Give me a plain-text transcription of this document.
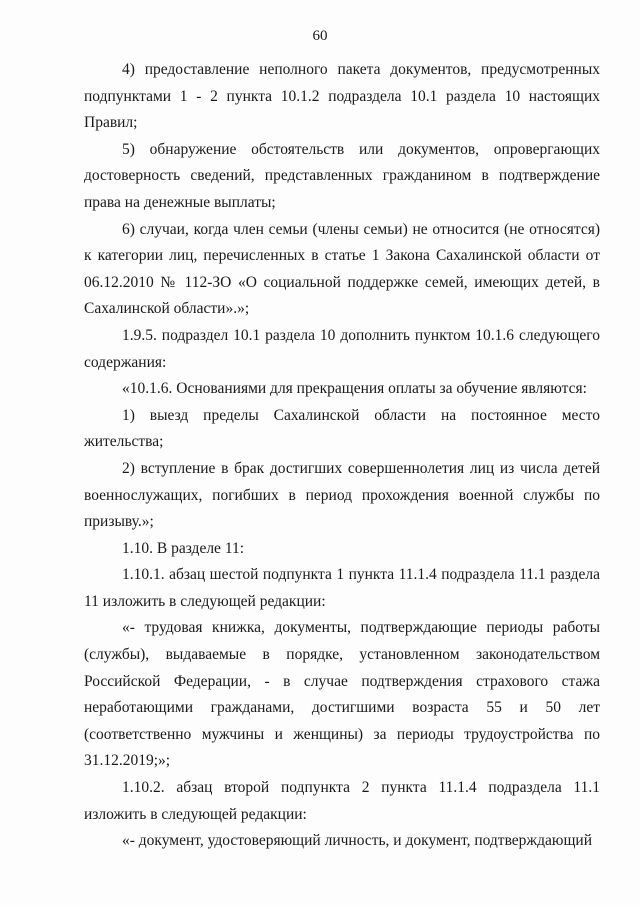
60

4) предоставление неполного пакета документов, предусмотренных подпунктами 1 - 2 пункта 10.1.2 подраздела 10.1 раздела 10 настоящих Правил;

5) обнаружение обстоятельств или документов, опровергающих достоверность сведений, представленных гражданином в подтверждение права на денежные выплаты;

6) случаи, когда член семьи (члены семьи) не относится (не относятся) к категории лиц, перечисленных в статье 1 Закона Сахалинской области от 06.12.2010 № 112-ЗО «О социальной поддержке семей, имеющих детей, в Сахалинской области».»;

1.9.5. подраздел 10.1 раздела 10 дополнить пунктом 10.1.6 следующего содержания:

«10.1.6. Основаниями для прекращения оплаты за обучение являются:

1) выезд пределы Сахалинской области на постоянное место жительства;

2) вступление в брак достигших совершеннолетия лиц из числа детей военнослужащих, погибших в период прохождения военной службы по призыву.»;

1.10. В разделе 11:

1.10.1. абзац шестой подпункта 1 пункта 11.1.4 подраздела 11.1 раздела 11 изложить в следующей редакции:

«- трудовая книжка, документы, подтверждающие периоды работы (службы), выдаваемые в порядке, установленном законодательством Российской Федерации, - в случае подтверждения страхового стажа неработающими гражданами, достигшими возраста 55 и 50 лет (соответственно мужчины и женщины) за периоды трудоустройства по 31.12.2019;»;

1.10.2. абзац второй подпункта 2 пункта 11.1.4 подраздела 11.1 изложить в следующей редакции:

«- документ, удостоверяющий личность, и документ, подтверждающий
